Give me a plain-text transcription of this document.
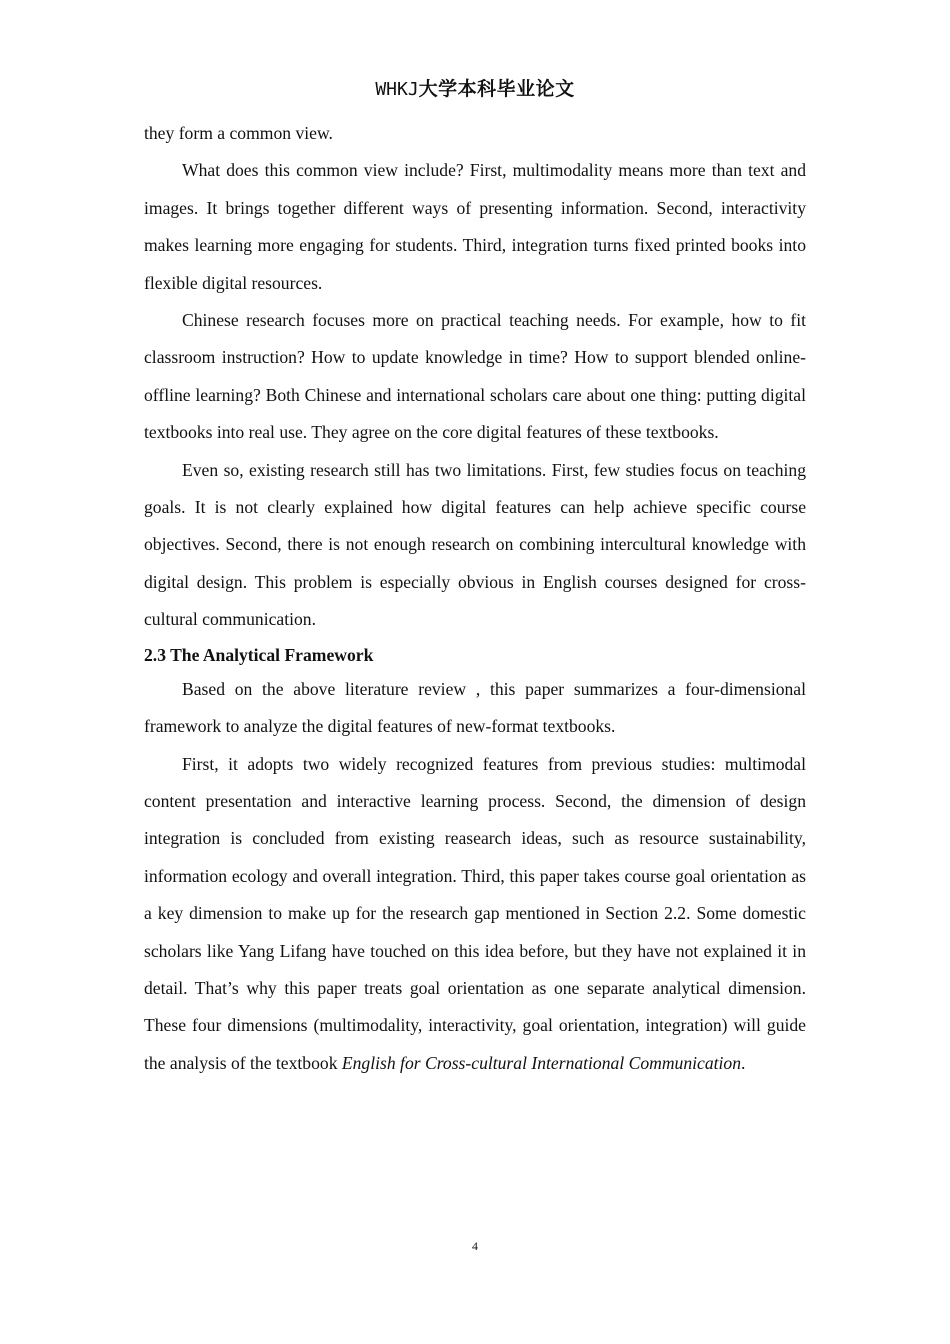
WHKJ大学本科毕业论文

they form a common view.

What does this common view include? First, multimodality means more than text and images. It brings together different ways of presenting information. Second, interactivity makes learning more engaging for students. Third, integration turns fixed printed books into flexible digital resources.

Chinese research focuses more on practical teaching needs. For example, how to fit classroom instruction? How to update knowledge in time? How to support blended online-offline learning? Both Chinese and international scholars care about one thing: putting digital textbooks into real use. They agree on the core digital features of these textbooks.

Even so, existing research still has two limitations. First, few studies focus on teaching goals. It is not clearly explained how digital features can help achieve specific course objectives. Second, there is not enough research on combining intercultural knowledge with digital design. This problem is especially obvious in English courses designed for cross-cultural communication.

2.3 The Analytical Framework

Based on the above literature review , this paper summarizes a four-dimensional framework to analyze the digital features of new-format textbooks.

First, it adopts two widely recognized features from previous studies: multimodal content presentation and interactive learning process. Second, the dimension of design integration is concluded from existing reasearch ideas, such as resource sustainability, information ecology and overall integration. Third, this paper takes course goal orientation as a key dimension to make up for the research gap mentioned in Section 2.2. Some domestic scholars like Yang Lifang have touched on this idea before, but they have not explained it in detail. That’s why this paper treats goal orientation as one separate analytical dimension. These four dimensions (multimodality, interactivity, goal orientation, integration) will guide the analysis of the textbook English for Cross-cultural International Communication.

4
